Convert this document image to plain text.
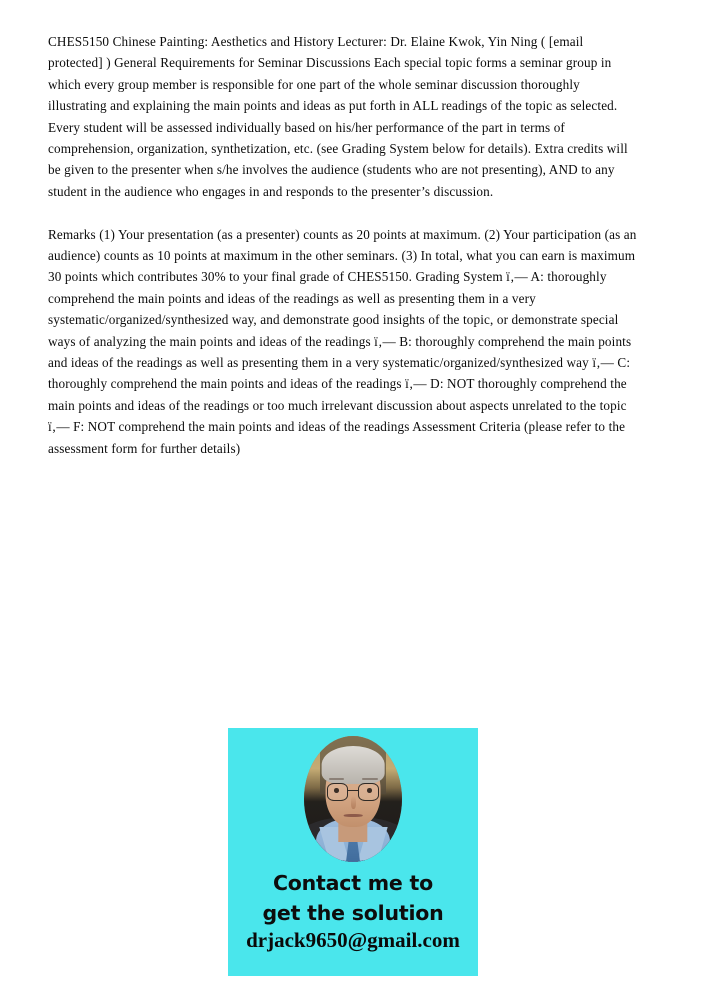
CHES5150 Chinese Painting: Aesthetics and History Lecturer: Dr. Elaine Kwok, Yin Ning ( [email protected] ) General Requirements for Seminar Discussions Each special topic forms a seminar group in which every group member is responsible for one part of the whole seminar discussion thoroughly illustrating and explaining the main points and ideas as put forth in ALL readings of the topic as selected. Every student will be assessed individually based on his/her performance of the part in terms of comprehension, organization, synthetization, etc. (see Grading System below for details). Extra credits will be given to the presenter when s/he involves the audience (students who are not presenting), AND to any student in the audience who engages in and responds to the presenter’s discussion.

Remarks (1) Your presentation (as a presenter) counts as 20 points at maximum. (2) Your participation (as an audience) counts as 10 points at maximum in the other seminars. (3) In total, what you can earn is maximum 30 points which contributes 30% to your final grade of CHES5150. Grading System ï‚— A: thoroughly comprehend the main points and ideas of the readings as well as presenting them in a very systematic/organized/synthesized way, and demonstrate good insights of the topic, or demonstrate special ways of analyzing the main points and ideas of the readings ï‚— B: thoroughly comprehend the main points and ideas of the readings as well as presenting them in a very systematic/organized/synthesized way ï‚— C: thoroughly comprehend the main points and ideas of the readings ï‚— D: NOT thoroughly comprehend the main points and ideas of the readings or too much irrelevant discussion about aspects unrelated to the topic ï‚— F: NOT comprehend the main points and ideas of the readings Assessment Criteria (please refer to the assessment form for further details)

Contact me to
get the solution
drjack9650@gmail.com
